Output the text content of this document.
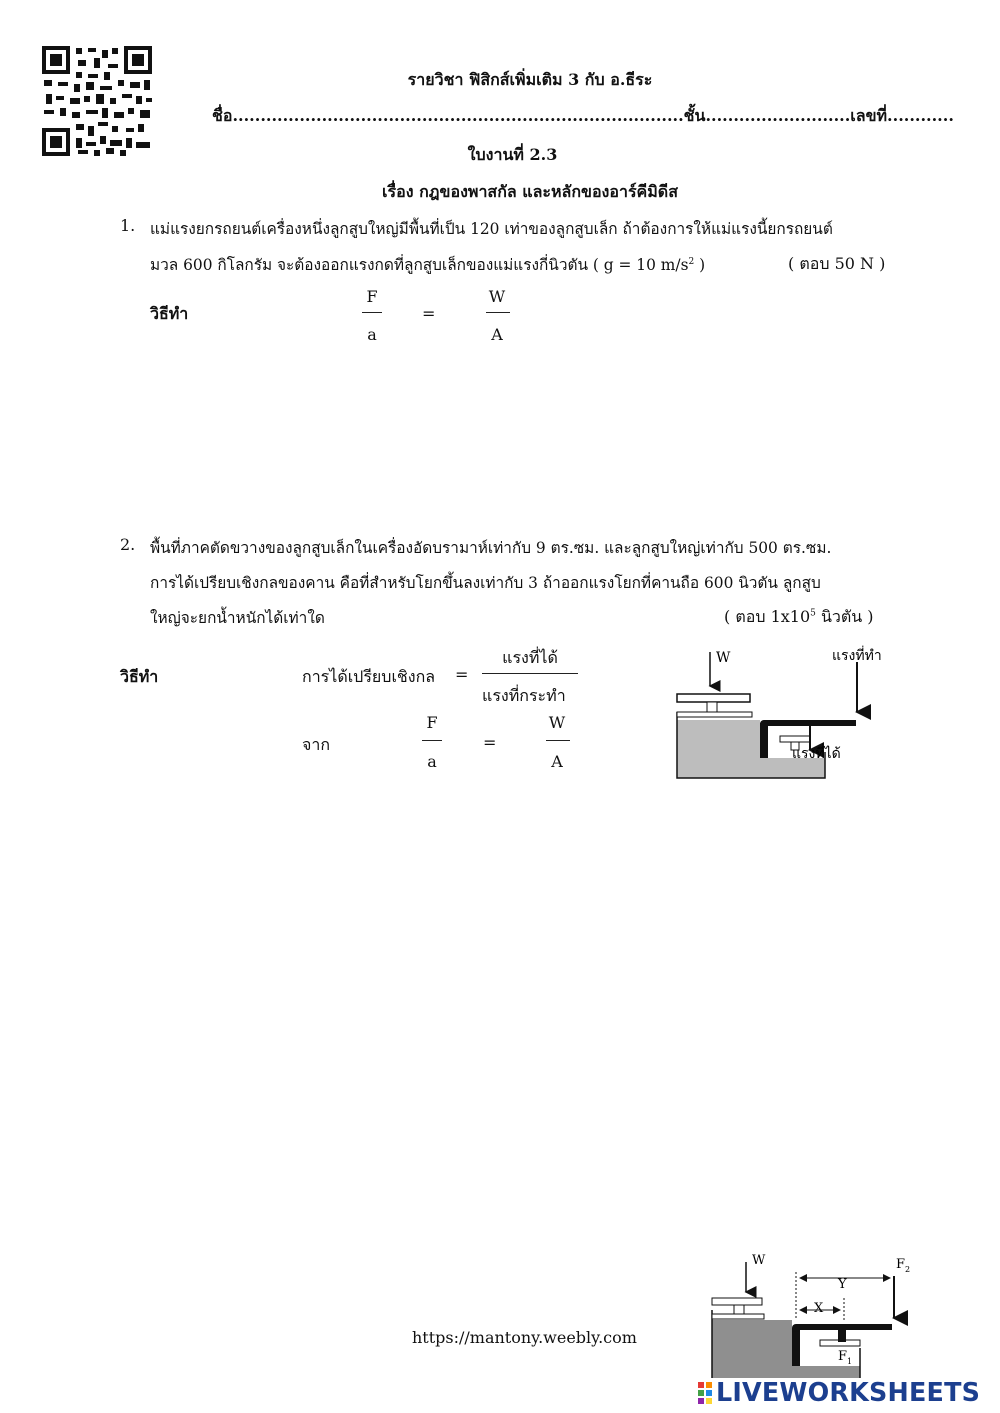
รายวิชา ฟิสิกส์เพิ่มเติม 3 กับ อ.ธีระ
ชื่อ.................................................................................ชั้น..........................เลขที่............
ใบงานที่ 2.3
เรื่อง กฎของพาสกัล และหลักของอาร์คีมิดีส
1. แม่แรงยกรถยนต์เครื่องหนึ่งลูกสูบใหญ่มีพื้นที่เป็น 120 เท่าของลูกสูบเล็ก ถ้าต้องการให้แม่แรงนี้ยกรถยนต์
มวล 600 กิโลกรัม จะต้องออกแรงกดที่ลูกสูบเล็กของแม่แรงกี่นิวตัน ( g = 10 $m/s^2$ )	( ตอบ 50 N )
วิธีทำ
F
a
=
W
A
2. พื้นที่ภาคตัดขวางของลูกสูบเล็กในเครื่องอัดบรามาห์เท่ากับ 9 ตร.ซม. และลูกสูบใหญ่เท่ากับ 500 ตร.ซม.
การได้เปรียบเชิงกลของคาน คือที่สำหรับโยกขึ้นลงเท่ากับ 3 ถ้าออกแรงโยกที่คานถือ 600 นิวตัน ลูกสูบ
ใหญ่จะยกน้ำหนักได้เท่าใด	( ตอบ $1x10^5$ นิวตัน )
วิธีทำ	การได้เปรียบเชิงกล =
แรงที่ได้
แรงที่กระทำ
จาก
F
a
=
W
A
W	แรงที่ทำ
แรงที่ได้
https://mantony.weebly.com
W	$F_2$
Y
X
$F_1$
LIVEWORKSHEETS
